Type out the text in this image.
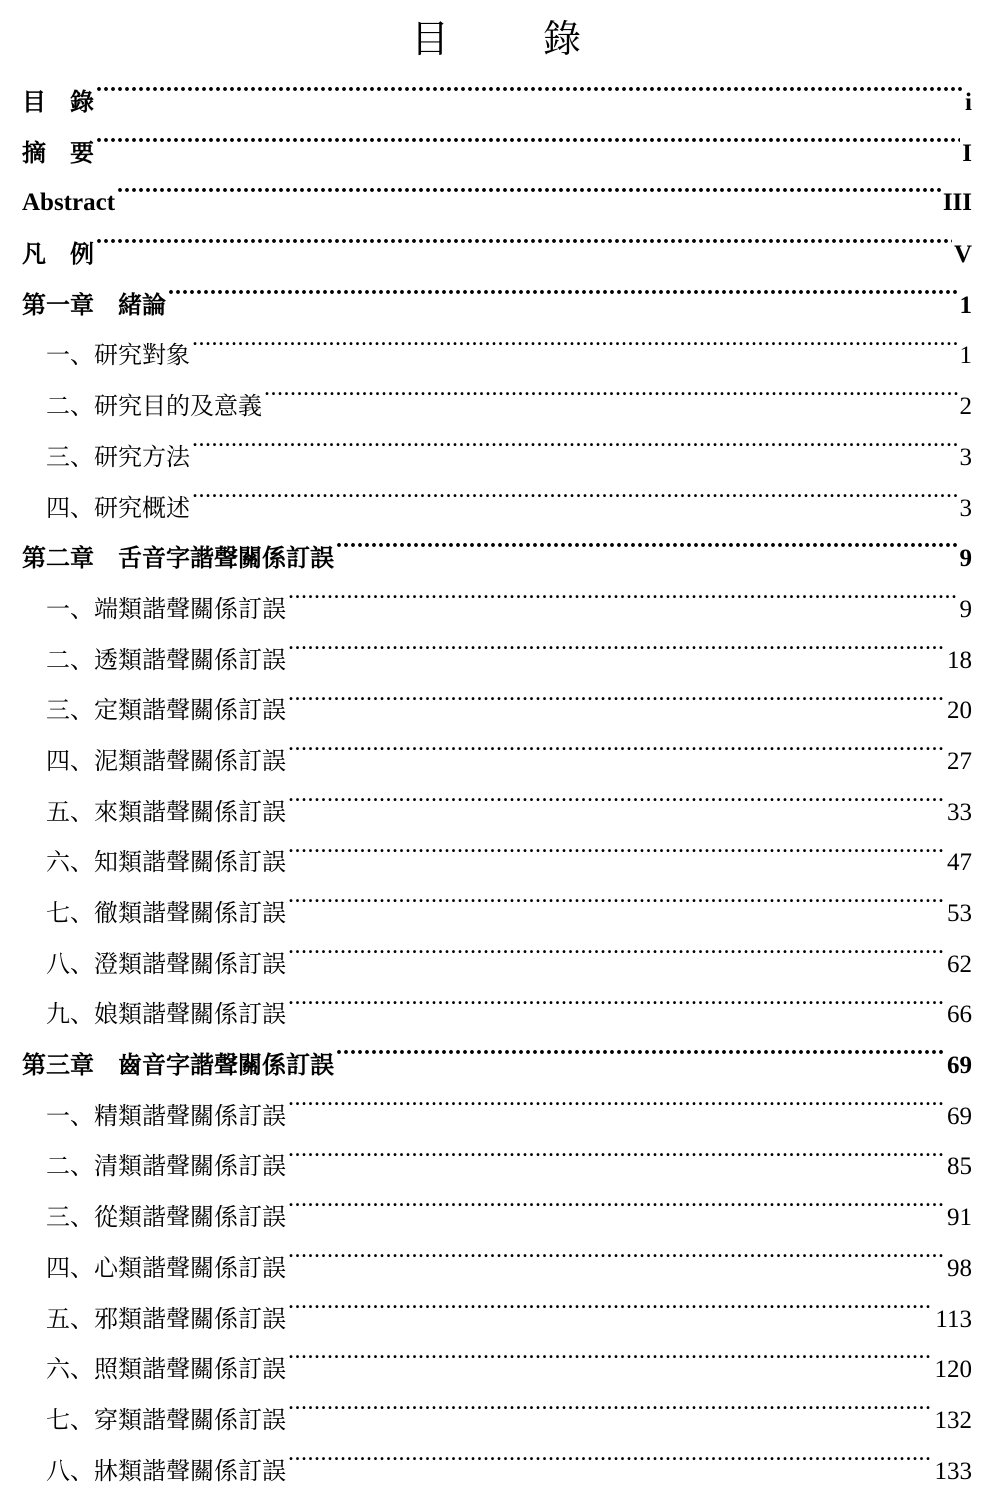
目　錄
目　錄 .....	i
摘　要 .....	I
Abstract .....	III
凡　例 .....	V
第一章　緒論 .....	1
一、研究對象 .....	1
二、研究目的及意義 .....	2
三、研究方法 .....	3
四、研究概述 .....	3
第二章　舌音字諧聲關係訂誤 .....	9
一、端類諧聲關係訂誤 .....	9
二、透類諧聲關係訂誤 .....	18
三、定類諧聲關係訂誤 .....	20
四、泥類諧聲關係訂誤 .....	27
五、來類諧聲關係訂誤 .....	33
六、知類諧聲關係訂誤 .....	47
七、徹類諧聲關係訂誤 .....	53
八、澄類諧聲關係訂誤 .....	62
九、娘類諧聲關係訂誤 .....	66
第三章　齒音字諧聲關係訂誤 .....	69
一、精類諧聲關係訂誤 .....	69
二、清類諧聲關係訂誤 .....	85
三、從類諧聲關係訂誤 .....	91
四、心類諧聲關係訂誤 .....	98
五、邪類諧聲關係訂誤 .....	113
六、照類諧聲關係訂誤 .....	120
七、穿類諧聲關係訂誤 .....	132
八、牀類諧聲關係訂誤 .....	133
